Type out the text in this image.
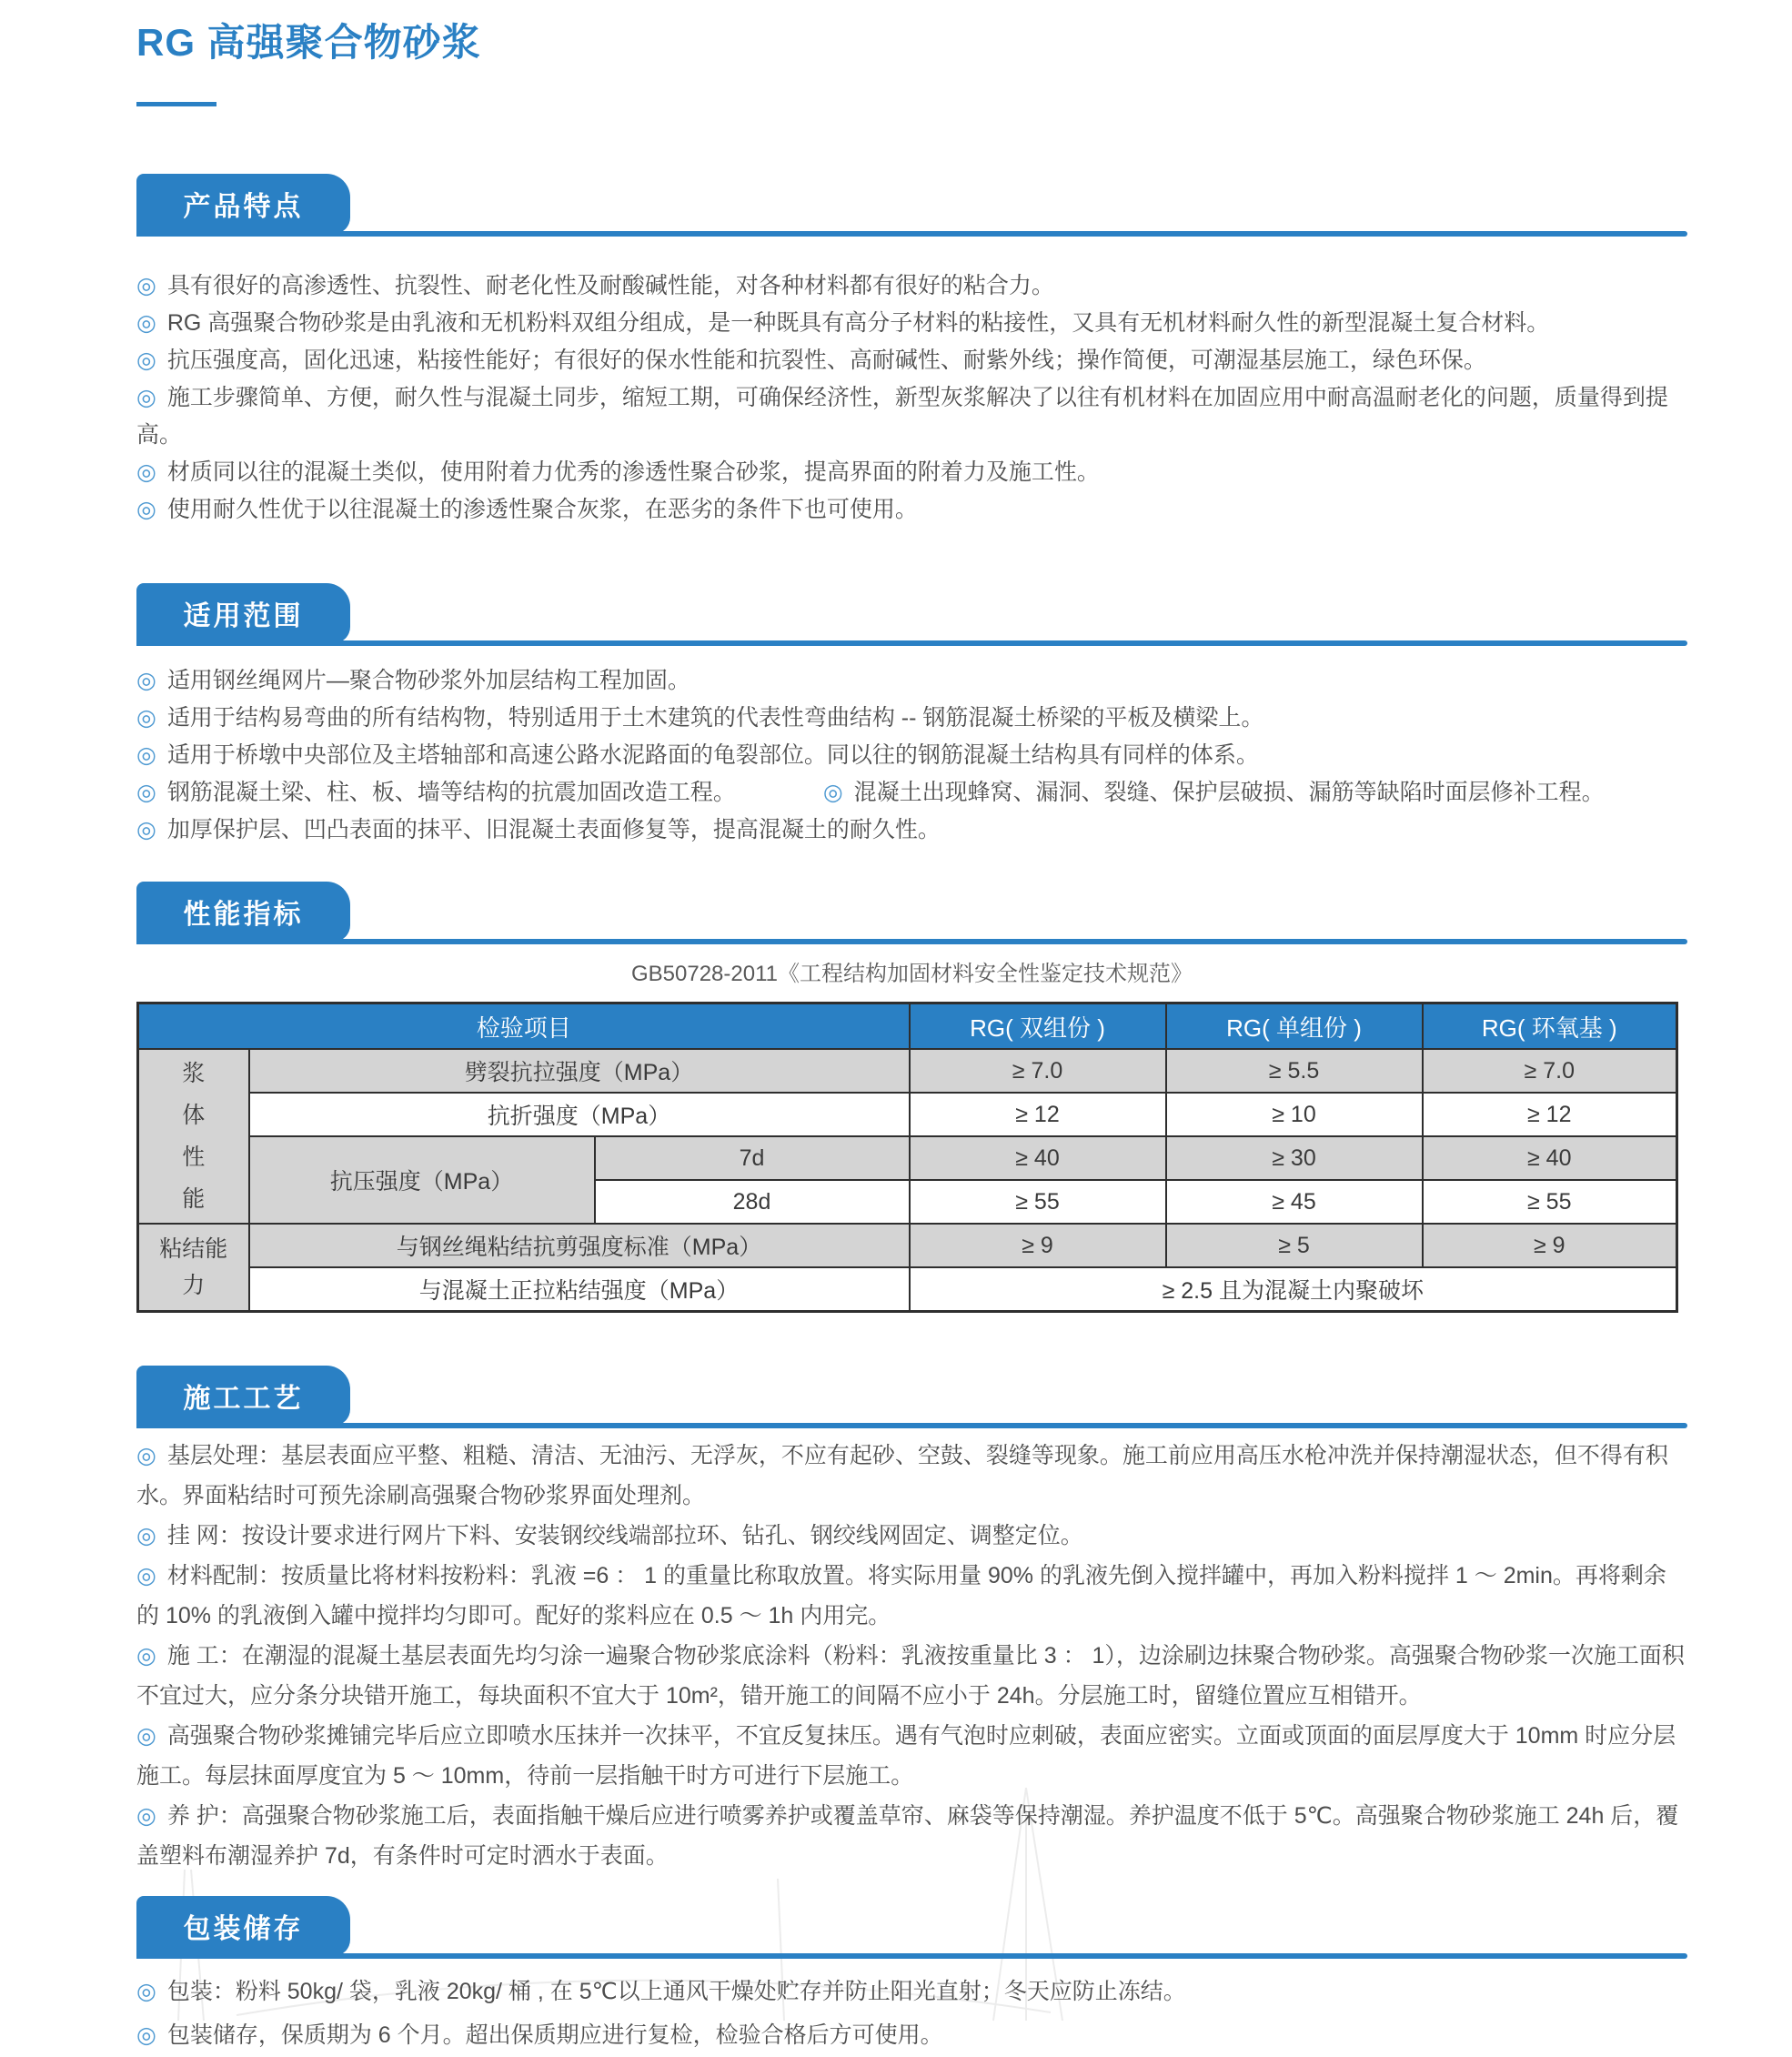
RG 高强聚合物砂浆
产品特点

◎ 具有很好的高渗透性、抗裂性、耐老化性及耐酸碱性能，对各种材料都有很好的粘合力。

◎ RG 高强聚合物砂浆是由乳液和无机粉料双组分组成，是一种既具有高分子材料的粘接性，又具有无机材料耐久性的新型混凝土复合材料。

◎ 抗压强度高，固化迅速，粘接性能好；有很好的保水性能和抗裂性、高耐碱性、耐紫外线；操作简便，可潮湿基层施工，绿色环保。

◎ 施工步骤简单、方便，耐久性与混凝土同步，缩短工期，可确保经济性，新型灰浆解决了以往有机材料在加固应用中耐高温耐老化的问题，质量得到提高。

◎ 材质同以往的混凝土类似，使用附着力优秀的渗透性聚合砂浆，提高界面的附着力及施工性。

◎ 使用耐久性优于以往混凝土的渗透性聚合灰浆，在恶劣的条件下也可使用。

适用范围

◎ 适用钢丝绳网片—聚合物砂浆外加层结构工程加固。

◎ 适用于结构易弯曲的所有结构物，特别适用于土木建筑的代表性弯曲结构 -- 钢筋混凝土桥梁的平板及横梁上。

◎ 适用于桥墩中央部位及主塔轴部和高速公路水泥路面的龟裂部位。同以往的钢筋混凝土结构具有同样的体系。

◎ 钢筋混凝土梁、柱、板、墙等结构的抗震加固改造工程。	◎ 混凝土出现蜂窝、漏洞、裂缝、保护层破损、漏筋等缺陷时面层修补工程。

◎ 加厚保护层、凹凸表面的抹平、旧混凝土表面修复等，提高混凝土的耐久性。

性能指标
GB50728-2011《工程结构加固材料安全性鉴定技术规范》
检验项目			RG( 双组份 )	RG( 单组份 )	RG( 环氧基 )
浆体性能	劈裂抗拉强度（MPa）		≥ 7.0	≥ 5.5	≥ 7.0
	抗折强度（MPa）		≥ 12	≥ 10	≥ 12
	抗压强度（MPa）	7d	≥ 40	≥ 30	≥ 40
		28d	≥ 55	≥ 45	≥ 55
粘结能力	与钢丝绳粘结抗剪强度标准（MPa）		≥ 9	≥ 5	≥ 9
	与混凝土正拉粘结强度（MPa）		≥ 2.5 且为混凝土内聚破坏		
施工工艺

◎ 基层处理：基层表面应平整、粗糙、清洁、无油污、无浮灰，不应有起砂、空鼓、裂缝等现象。施工前应用高压水枪冲洗并保持潮湿状态，但不得有积水。界面粘结时可预先涂刷高强聚合物砂浆界面处理剂。

◎ 挂 网：按设计要求进行网片下料、安装钢绞线端部拉环、钻孔、钢绞线网固定、调整定位。

◎ 材料配制：按质量比将材料按粉料：乳液 =6 ： 1 的重量比称取放置。将实际用量 90% 的乳液先倒入搅拌罐中，再加入粉料搅拌 1 ～ 2min。再将剩余的 10% 的乳液倒入罐中搅拌均匀即可。配好的浆料应在 0.5 ～ 1h 内用完。

◎ 施 工：在潮湿的混凝土基层表面先均匀涂一遍聚合物砂浆底涂料（粉料：乳液按重量比 3 ： 1），边涂刷边抹聚合物砂浆。高强聚合物砂浆一次施工面积不宜过大，应分条分块错开施工，每块面积不宜大于 10m²，错开施工的间隔不应小于 24h。分层施工时，留缝位置应互相错开。

◎ 高强聚合物砂浆摊铺完毕后应立即喷水压抹并一次抹平，不宜反复抹压。遇有气泡时应刺破，表面应密实。立面或顶面的面层厚度大于 10mm 时应分层施工。每层抹面厚度宜为 5 ～ 10mm，待前一层指触干时方可进行下层施工。

◎ 养 护：高强聚合物砂浆施工后，表面指触干燥后应进行喷雾养护或覆盖草帘、麻袋等保持潮湿。养护温度不低于 5℃。高强聚合物砂浆施工 24h 后，覆盖塑料布潮湿养护 7d，有条件时可定时洒水于表面。

包装储存

◎ 包装：粉料 50kg/ 袋，乳液 20kg/ 桶 , 在 5℃以上通风干燥处贮存并防止阳光直射；冬天应防止冻结。

◎ 包装储存，保质期为 6 个月。超出保质期应进行复检，检验合格后方可使用。
